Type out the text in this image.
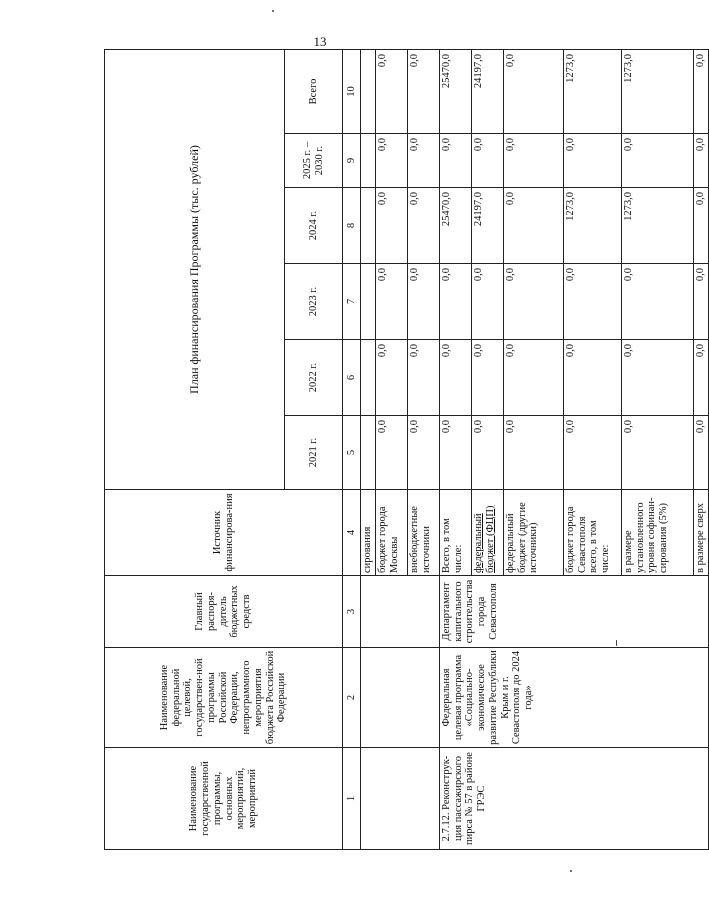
13
Наименование государственной программы, основных мероприятий, мероприятий	Наименование федеральной целевой, государствен-ной программы Российской Федерации, непрограммного мероприятия бюджета Российской Федерации	Главный распоря-дитель бюджетных средств	Источник финансирова-ния	План финансирования Программы (тыс. рублей)					
				2021 г.	2022 г.	2023 г.	2024 г.	2025 г. – 2030 г.	Всего
1	2	3	4	5	6	7	8	9	10
			сирования						
			бюджет города Москвы	0,0	0,0	0,0	0,0	0,0	0,0
			внебюджетные источники	0,0	0,0	0,0	0,0	0,0	0,0
2.7.12. Реконструк-ция пассажирского пирса № 57 в районе ГРЭС	Федеральная целевая программа «Социально-экономическое развитие Республики Крым и г. Севастополя до 2024 года»	Департамент капитального строительства города Севастополя	Всего, в том числе:	0,0	0,0	0,0	25470,0	0,0	25470,0
			федеральный бюджет (ФЦП)	0,0	0,0	0,0	24197,0	0,0	24197,0
			федеральный бюджет (другие источники)	0,0	0,0	0,0	0,0	0,0	0,0
			бюджет города Севастополя всего, в том числе:	0,0	0,0	0,0	1273,0	0,0	1273,0
			в размере установленного уровня софинан-сирования (5%)	0,0	0,0	0,0	1273,0	0,0	1273,0
			в размере сверх	0,0	0,0	0,0	0,0	0,0	0,0
